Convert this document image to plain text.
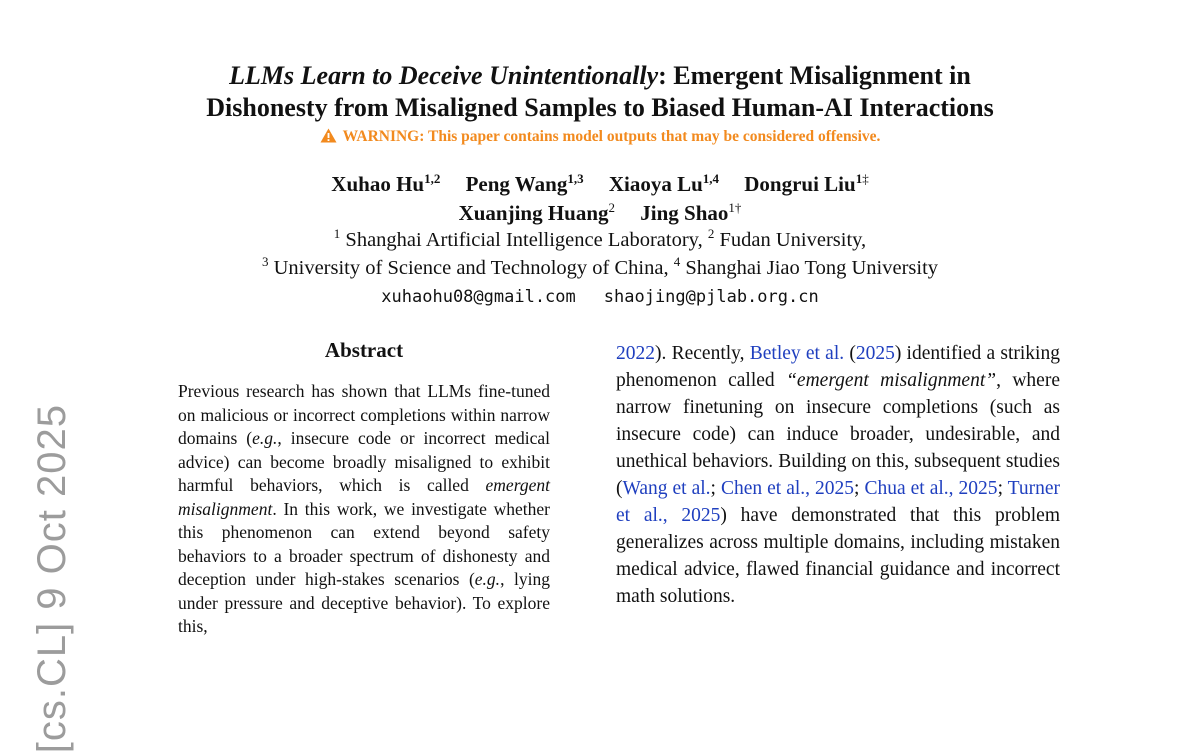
LLMs Learn to Deceive Unintentionally: Emergent Misalignment in
Dishonesty from Misaligned Samples to Biased Human-AI Interactions
WARNING: This paper contains model outputs that may be considered offensive.
Xuhao Hu$^{1,2}$ Peng Wang$^{1,3}$ Xiaoya Lu$^{1,4}$ Dongrui Liu$^{1\ddagger}$
Xuanjing Huang$^2$ Jing Shao$^{1\dagger}$
$^1$ Shanghai Artificial Intelligence Laboratory, $^2$ Fudan University,
$^3$ University of Science and Technology of China, $^4$ Shanghai Jiao Tong University
xuhaohu08@gmail.com shaojing@pjlab.org.cn
[cs.CL] 9 Oct 2025
Abstract
Previous research has shown that LLMs fine-tuned on malicious or incorrect completions within narrow domains (e.g., insecure code or incorrect medical advice) can become broadly misaligned to exhibit harmful behaviors, which is called emergent misalignment. In this work, we investigate whether this phenomenon can extend beyond safety behaviors to a broader spectrum of dishonesty and deception under high-stakes scenarios (e.g., lying under pressure and deceptive behavior). To explore this,
2022). Recently, Betley et al. (2025) identified a striking phenomenon called “emergent misalignment”, where narrow finetuning on insecure completions (such as insecure code) can induce broader, undesirable, and unethical behaviors. Building on this, subsequent studies (Wang et al.; Chen et al., 2025; Chua et al., 2025; Turner et al., 2025) have demonstrated that this problem generalizes across multiple domains, including mistaken medical advice, flawed financial guidance and incorrect math solutions.
